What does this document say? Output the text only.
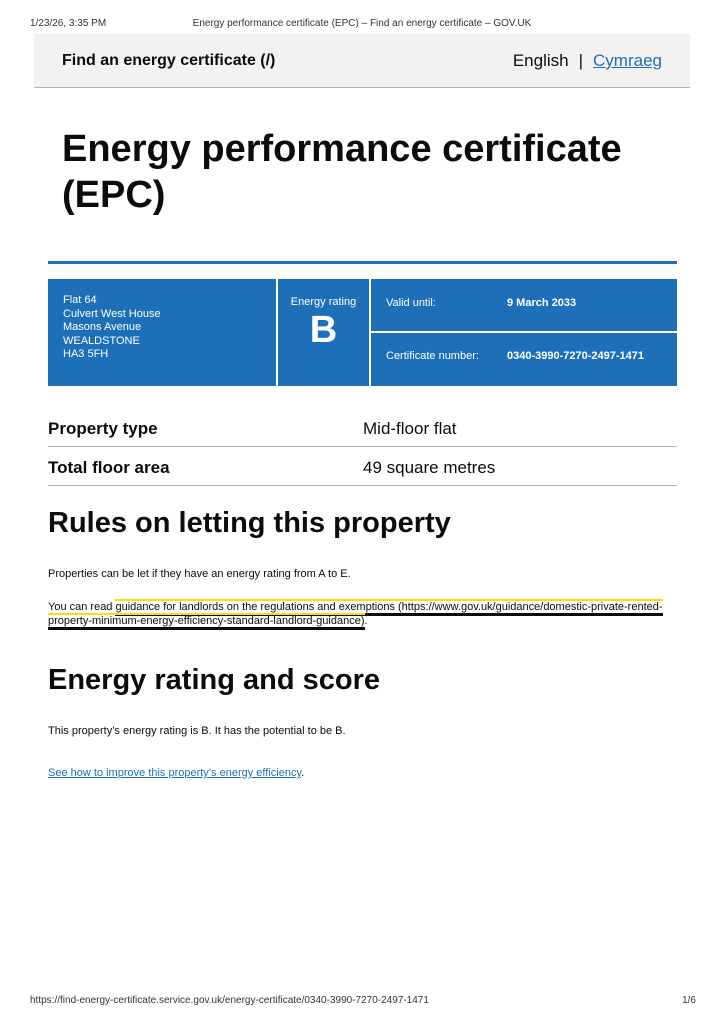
1/23/26, 3:35 PM	Energy performance certificate (EPC) – Find an energy certificate – GOV.UK
Find an energy certificate (/)	English | Cymraeg
Energy performance certificate (EPC)
Flat 64
Culvert West House
Masons Avenue
WEALDSTONE
HA3 5FH
Energy rating
B
Valid until:	9 March 2033
Certificate number:	0340-3990-7270-2497-1471
Property type	Mid-floor flat
Total floor area	49 square metres
Rules on letting this property

Properties can be let if they have an energy rating from A to E.

You can read guidance for landlords on the regulations and exemptions (https://www.gov.uk/guidance/domestic-private-rented-property-minimum-energy-efficiency-standard-landlord-guidance).

Energy rating and score

This property’s energy rating is B. It has the potential to be B.

See how to improve this property’s energy efficiency.

https://find-energy-certificate.service.gov.uk/energy-certificate/0340-3990-7270-2497-1471	1/6
